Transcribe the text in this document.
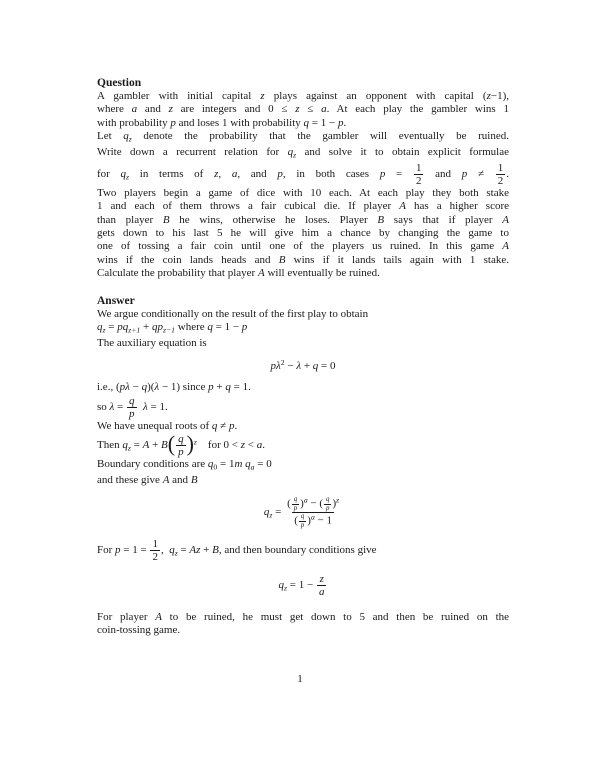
Question
A gambler with initial capital z plays against an opponent with capital (z−1),
where a and z are integers and 0 ≤ z ≤ a. At each play the gambler wins 1
with probability p and loses 1 with probability q = 1 − p.
Let $q_z$ denote the probability that the gambler will eventually be ruined.
Write down a recurrent relation for $q_z$ and solve it to obtain explicit formulae
for $q_z$ in terms of z, a, and p, in both cases $p = \frac{1}{2}$ and $p \ne \frac{1}{2}$ .
Two players begin a game of dice with 10 each. At each play they both stake
1 and each of them throws a fair cubical die. If player A has a higher score
than player B he wins, otherwise he loses. Player B says that if player A
gets down to his last 5 he will give him a chance by changing the game to
one of tossing a fair coin until one of the players us ruined. In this game A
wins if the coin lands heads and B wins if it lands tails again with 1 stake.
Calculate the probability that player A will eventually be ruined.
Answer
We argue conditionally on the result of the first play to obtain
$q_z = pq_{z+1} + qp_{z-1}$ where q = 1 − p
The auxiliary equation is
$p\lambda^2 - \lambda + q = 0$
i.e., (pλ − q)(λ − 1) since p + q = 1.
so $\lambda = \frac{q}{p}$
  λ = 1.
We have unequal roots of q ≠ p.
Then $q_z = A + B( \frac{q}{p} )^z$ for 0 < z < a.
Boundary conditions are $q_0 = 1m$ $q_a = 0$
and these give A and B
$q_z = \frac{( \frac{q}{p} )^a - ( \frac{q}{p} )^z}{( \frac{q}{p} )^a - 1}$
For $p = 1 = \frac{1}{2}$ , $q_z = Az + B$, and then boundary conditions give
$q_z = 1 - \frac{z}{a}$
For player A to be ruined, he must get down to 5 and then be ruined on the
coin-tossing game.
1
